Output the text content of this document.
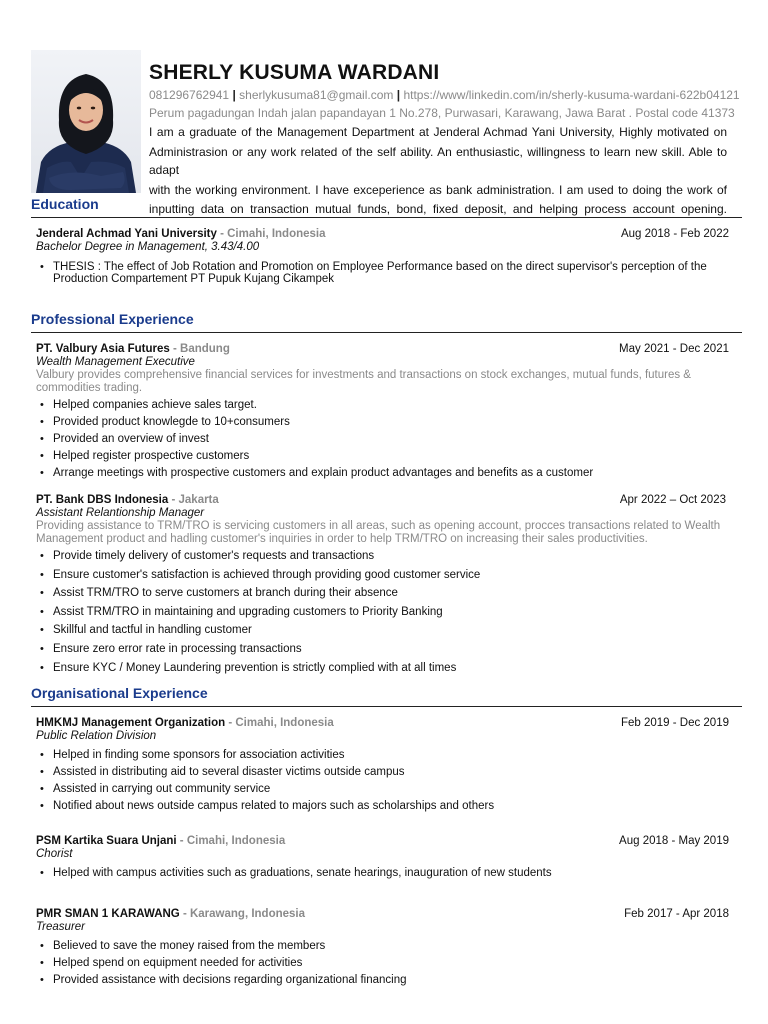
SHERLY KUSUMA WARDANI
081296762941 | sherlykusuma81@gmail.com | https://www/linkedin.com/in/sherly-kusuma-wardani-622b04121
Perum pagadungan Indah jalan papandayan 1 No.278, Purwasari, Karawang, Jawa Barat . Postal code 41373
I am a graduate of the Management Department at Jenderal Achmad Yani University, Highly motivated on
Administrasion or any work related of the self ability. An enthusiastic, willingness to learn new skill. Able to adapt
with the working environment. I have exceperience as bank administration. I am used to doing the work of
inputting data on transaction mutual funds, bond, fixed deposit, and helping process account opening.
Education
Jenderal Achmad Yani University - Cimahi, Indonesia	Aug 2018 - Feb 2022
Bachelor Degree in Management, 3.43/4.00
• THESIS : The effect of Job Rotation and Promotion on Employee Performance based on the direct supervisor's perception of the Production Compartement PT Pupuk Kujang Cikampek
Professional Experience
PT. Valbury Asia Futures - Bandung	May 2021 - Dec 2021
Wealth Management Executive
Valbury provides comprehensive financial services for investments and transactions on stock exchanges, mutual funds, futures & commodities trading.
• Helped companies achieve sales target.
• Provided product knowlegde to 10+consumers
• Provided an overview of invest
• Helped register prospective customers
• Arrange meetings with prospective customers and explain product advantages and benefits as a customer
PT. Bank DBS Indonesia - Jakarta	Apr 2022 – Oct 2023
Assistant Relantionship Manager
Providing assistance to TRM/TRO is servicing customers in all areas, such as opening account, procces transactions related to Wealth Management product and hadling customer's inquiries in order to help TRM/TRO on increasing their sales productivities.
• Provide timely delivery of customer's requests and transactions
• Ensure customer's satisfaction is achieved through providing good customer service
• Assist TRM/TRO to serve customers at branch during their absence
• Assist TRM/TRO in maintaining and upgrading customers to Priority Banking
• Skillful and tactful in handling customer
• Ensure zero error rate in processing transactions
• Ensure KYC / Money Laundering prevention is strictly complied with at all times
Organisational Experience
HMKMJ Management Organization - Cimahi, Indonesia	Feb 2019 - Dec 2019
Public Relation Division
• Helped in finding some sponsors for association activities
• Assisted in distributing aid to several disaster victims outside campus
• Assisted in carrying out community service
• Notified about news outside campus related to majors such as scholarships and others
PSM Kartika Suara Unjani - Cimahi, Indonesia	Aug 2018 - May 2019
Chorist
• Helped with campus activities such as graduations, senate hearings, inauguration of new students
PMR SMAN 1 KARAWANG - Karawang, Indonesia	Feb 2017 - Apr 2018
Treasurer
• Believed to save the money raised from the members
• Helped spend on equipment needed for activities
• Provided assistance with decisions regarding organizational financing
